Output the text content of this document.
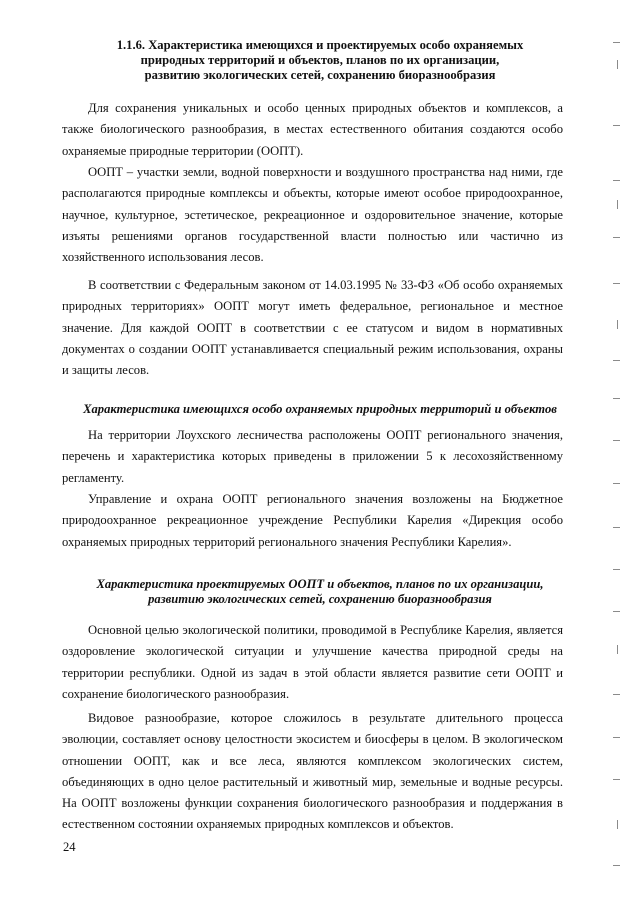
1.1.6. Характеристика имеющихся и проектируемых особо охраняемых
природных территорий и объектов, планов по их организации,
развитию экологических сетей, сохранению биоразнообразия

Для сохранения уникальных и особо ценных природных объектов и комплексов, а также биологического разнообразия, в местах естественного обитания создаются особо охраняемые природные территории (ООПТ).

ООПТ – участки земли, водной поверхности и воздушного пространства над ними, где располагаются природные комплексы и объекты, которые имеют особое природоохранное, научное, культурное, эстетическое, рекреационное и оздоровительное значение, которые изъяты решениями органов государственной власти полностью или частично из хозяйственного использования лесов.

В соответствии с Федеральным законом от 14.03.1995 № 33-ФЗ «Об особо охраняемых природных территориях» ООПТ могут иметь федеральное, региональное и местное значение. Для каждой ООПТ в соответствии с ее статусом и видом в нормативных документах о создании ООПТ устанавливается специальный режим использования, охраны и защиты лесов.

Характеристика имеющихся особо охраняемых природных территорий и объектов

На территории Лоухского лесничества расположены ООПТ регионального значения, перечень и характеристика которых приведены в приложении 5 к лесохозяйственному регламенту.

Управление и охрана ООПТ регионального значения возложены на Бюджетное природоохранное рекреационное учреждение Республики Карелия «Дирекция особо охраняемых природных территорий регионального значения Республики Карелия».

Характеристика проектируемых ООПТ и объектов, планов по их организации,
развитию экологических сетей, сохранению биоразнообразия

Основной целью экологической политики, проводимой в Республике Карелия, является оздоровление экологической ситуации и улучшение качества природной среды на территории республики. Одной из задач в этой области является развитие сети ООПТ и сохранение биологического разнообразия.

Видовое разнообразие, которое сложилось в результате длительного процесса эволюции, составляет основу целостности экосистем и биосферы в целом. В экологическом отношении ООПТ, как и все леса, являются комплексом экологических систем, объединяющих в одно целое растительный и животный мир, земельные и водные ресурсы. На ООПТ возложены функции сохранения биологического разнообразия и поддержания в естественном состоянии охраняемых природных комплексов и объектов.

24
